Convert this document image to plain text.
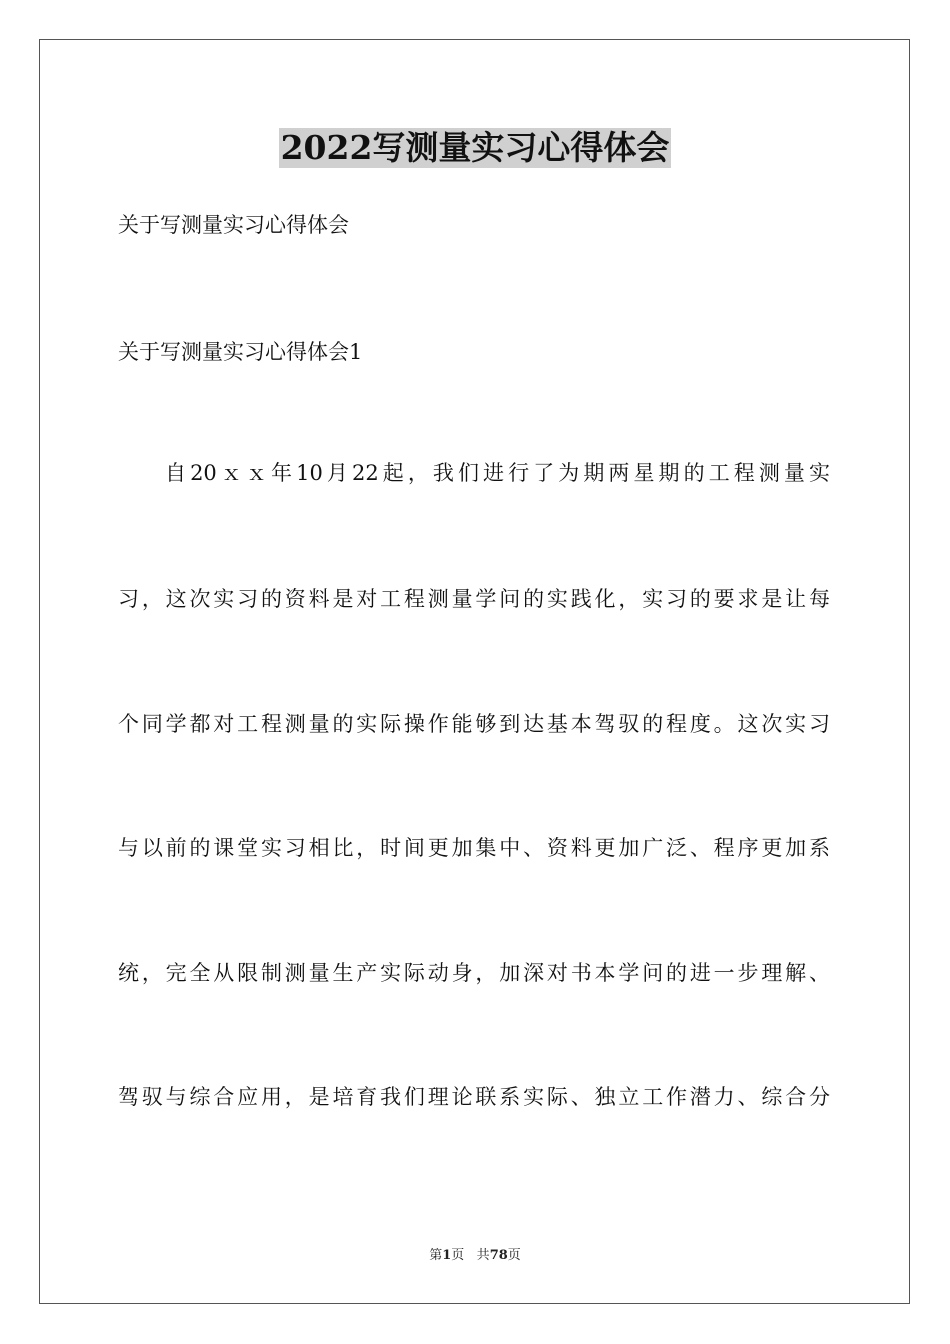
2022写测量实习心得体会
关于写测量实习心得体会
关于写测量实习心得体会1
自20ｘｘ年10月22起，我们进行了为期两星期的工程测量实
习，这次实习的资料是对工程测量学问的实践化，实习的要求是让每
个同学都对工程测量的实际操作能够到达基本驾驭的程度。这次实习
与以前的课堂实习相比，时间更加集中、资料更加广泛、程序更加系
统，完全从限制测量生产实际动身，加深对书本学问的进一步理解、
驾驭与综合应用，是培育我们理论联系实际、独立工作潜力、综合分
第1页 共78页
